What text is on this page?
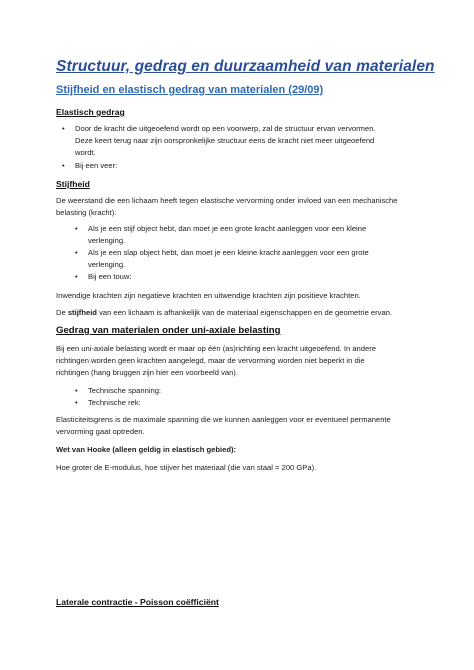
Structuur, gedrag en duurzaamheid van materialen
Stijfheid en elastisch gedrag van materialen (29/09)
Elastisch gedrag
• Door de kracht die uitgeoefend wordt op een voorwerp, zal de structuur ervan vervormen.
Deze keert terug naar zijn oorspronkelijke structuur eens de kracht niet meer uitgeoefend
wordt.
• Bij een veer:
Stijfheid
De weerstand die een lichaam heeft tegen elastische vervorming onder invloed van een mechanische
belasting (kracht).
• Als je een stijf object hebt, dan moet je een grote kracht aanleggen voor een kleine
verlenging.
• Als je een slap object hebt, dan moet je een kleine kracht aanleggen voor een grote
verlenging.
• Bij een touw:
Inwendige krachten zijn negatieve krachten en uitwendige krachten zijn positieve krachten.
De stijfheid van een lichaam is afhankelijk van de materiaal eigenschappen en de geometrie ervan.
Gedrag van materialen onder uni-axiale belasting
Bij een uni-axiale belasting wordt er maar op één (as)richting een kracht uitgeoefend. In andere
richtingen worden geen krachten aangelegd, maar de vervorming worden niet beperkt in die
richtingen (hang bruggen zijn hier een voorbeeld van).
• Technische spanning:
• Technische rek:
Elasticiteitsgrens is de maximale spanning die we kunnen aanleggen voor er eventueel permanente
vervorming gaat optreden.
Wet van Hooke (alleen geldig in elastisch gebied):
Hoe groter de E-modulus, hoe stijver het materiaal (die van staal = 200 GPa).
Laterale contractie - Poisson coëfficiënt
